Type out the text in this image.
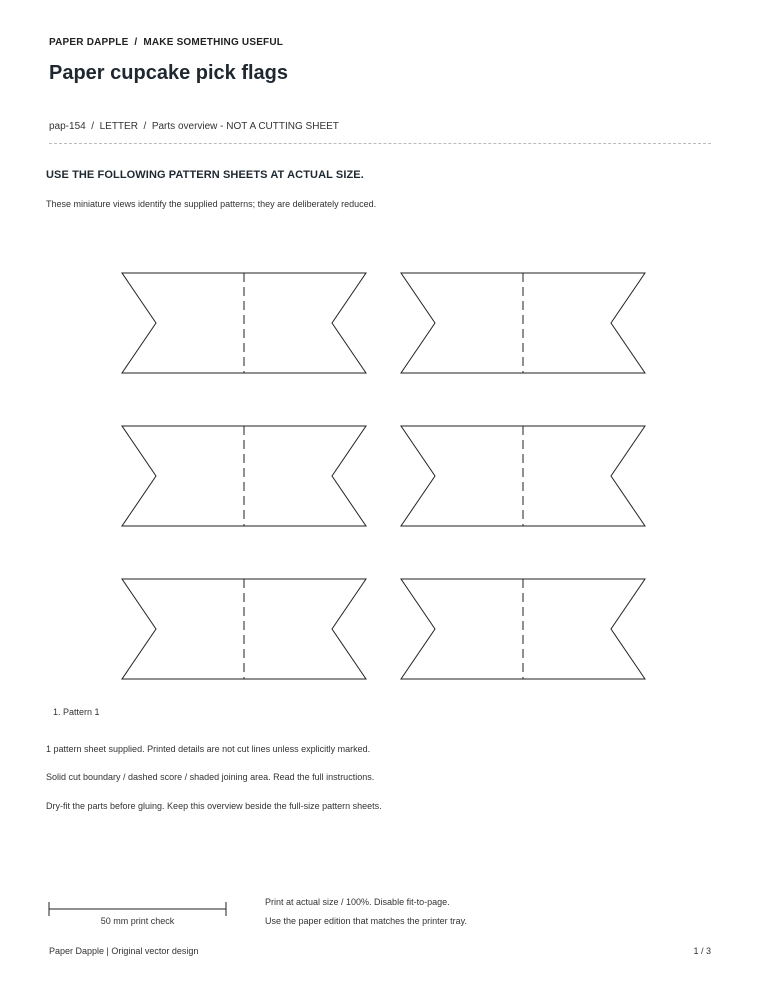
PAPER DAPPLE  /  MAKE SOMETHING USEFUL
Paper cupcake pick flags
pap-154  /  LETTER  /  Parts overview - NOT A CUTTING SHEET
USE THE FOLLOWING PATTERN SHEETS AT ACTUAL SIZE.
These miniature views identify the supplied patterns; they are deliberately reduced.
1. Pattern 1
1 pattern sheet supplied. Printed details are not cut lines unless explicitly marked.
Solid cut boundary / dashed score / shaded joining area. Read the full instructions.
Dry-fit the parts before gluing. Keep this overview beside the full-size pattern sheets.
50 mm print check
Print at actual size / 100%. Disable fit-to-page.
Use the paper edition that matches the printer tray.
Paper Dapple | Original vector design	1 / 3
